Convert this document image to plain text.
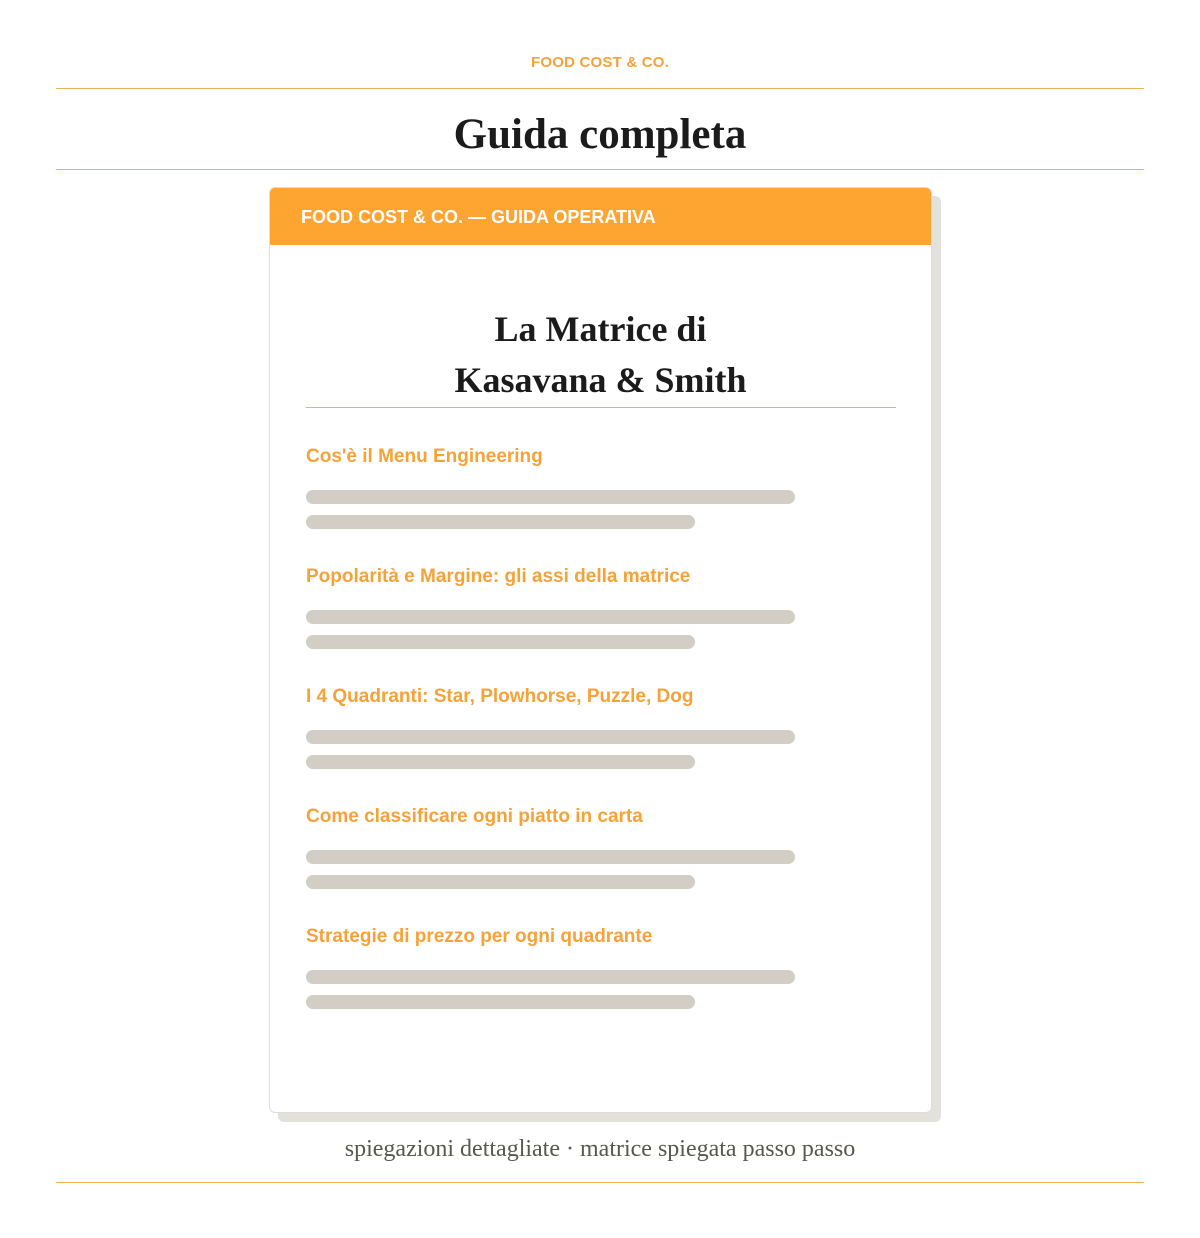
FOOD COST & CO.
Guida completa
FOOD COST & CO. — GUIDA OPERATIVA
La Matrice di
Kasavana & Smith
Cos'è il Menu Engineering
Popolarità e Margine: gli assi della matrice
I 4 Quadranti: Star, Plowhorse, Puzzle, Dog
Come classificare ogni piatto in carta
Strategie di prezzo per ogni quadrante
spiegazioni dettagliate · matrice spiegata passo passo
